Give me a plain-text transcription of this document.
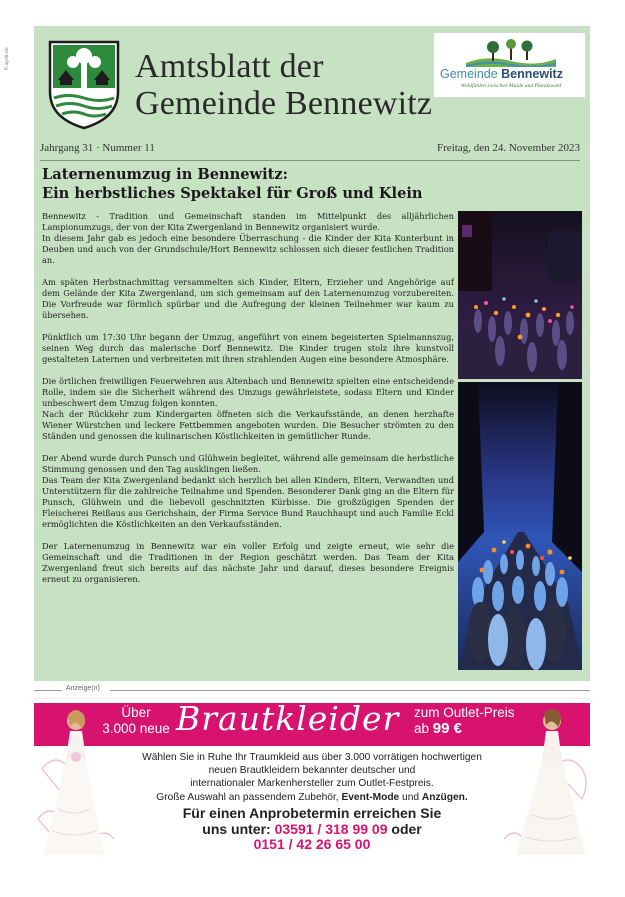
Pi.agrAI.sto	Amtsblatt der
Gemeinde Bennewitz
Gemeinde Bennewitz
Wohlfühlen zwischen Mulde und Planitzwald
Jahrgang 31 · Nummer 11	Freitag, den 24. November 2023
Laternenumzug in Bennewitz:
Ein herbstliches Spektakel für Groß und Klein

Bennewitz - Tradition und Gemeinschaft standen im Mittelpunkt des alljährlichen Lampionumzugs, der von der Kita Zwergenland in Bennewitz organisiert wurde.
In diesem Jahr gab es jedoch eine besondere Überraschung - die Kinder der Kita Kunterbunt in Deuben und auch von der Grundschule/Hort Bennewitz schlossen sich dieser festlichen Tradition an.

Am späten Herbstnachmittag versammelten sich Kinder, Eltern, Erzieher und Angehörige auf dem Gelände der Kita Zwergenland, um sich gemeinsam auf den Laternenumzug vorzubereiten. Die Vorfreude war förmlich spürbar und die Aufregung der kleinen Teilnehmer war kaum zu übersehen.

Pünktlich um 17:30 Uhr begann der Umzug, angeführt von einem begeisterten Spielmannszug, seinen Weg durch das malerische Dorf Bennewitz. Die Kinder trugen stolz ihre kunstvoll gestalteten Laternen und verbreiteten mit ihren strahlenden Augen eine besondere Atmosphäre.

Die örtlichen freiwilligen Feuerwehren aus Altenbach und Bennewitz spielten eine entscheidende Rolle, indem sie die Sicherheit während des Umzugs gewährleistete, sodass Eltern und Kinder unbeschwert dem Umzug folgen konnten.
Nach der Rückkehr zum Kindergarten öffneten sich die Verkaufsstände, an denen herzhafte Wiener Würstchen und leckere Fettbemmen angeboten wurden. Die Besucher strömten zu den Ständen und genossen die kulinarischen Köstlichkeiten in gemütlicher Runde.

Der Abend wurde durch Punsch und Glühwein begleitet, während alle gemeinsam die herbstliche Stimmung genossen und den Tag ausklingen ließen.
Das Team der Kita Zwergenland bedankt sich herzlich bei allen Kindern, Eltern, Verwandten und Unterstützern für die zahlreiche Teilnahme und Spenden. Besonderer Dank ging an die Eltern für Punsch, Glühwein und die liebevoll geschnitzten Kürbisse. Die großzügigen Spenden der Fleischerei Reißaus aus Gerichshain, der Firma Service Bund Rauchhaupt und auch Familie Eckl ermöglichten die Köstlichkeiten an den Verkaufsständen.

Der Laternenumzug in Bennewitz war ein voller Erfolg und zeigte erneut, wie sehr die Gemeinschaft und die Traditionen in der Region geschätzt werden. Das Team der Kita Zwergenland freut sich bereits auf das nächste Jahr und darauf, dieses besondere Ereignis erneut zu organisieren.

Anzeige(n)
Über
3.000 neue Brautkleider zum Outlet-Preis
ab 99 €
Wählen Sie in Ruhe Ihr Traumkleid aus über 3.000 vorrätigen hochwertigen
neuen Brautkleidern bekannter deutscher und
internationaler Markenhersteller zum Outlet-Festpreis.
Große Auswahl an passendem Zubehör, Event-Mode und Anzügen.
Für einen Anprobetermin erreichen Sie
uns unter: 03591 / 318 99 09 oder
0151 / 42 26 65 00
